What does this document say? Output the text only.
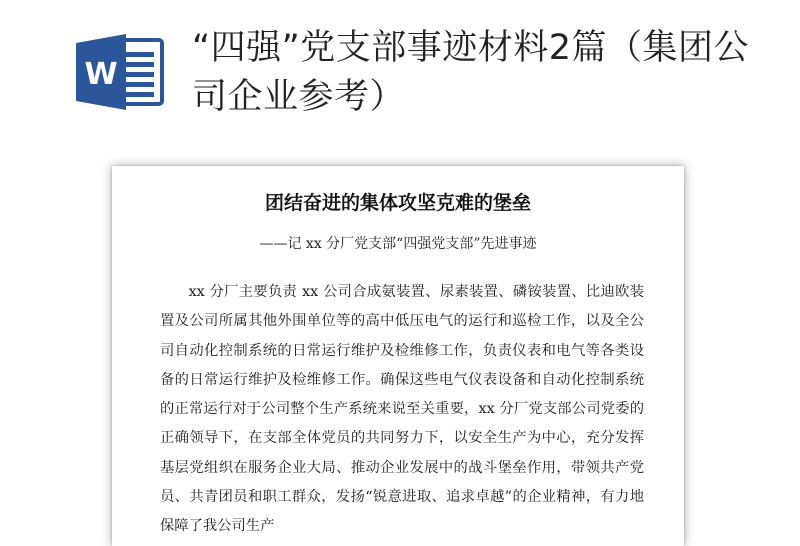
W
“四强”党支部事迹材料2篇（集团公司企业参考）
团结奋进的集体攻坚克难的堡垒

——记 xx 分厂党支部“四强党支部”先进事迹

xx 分厂主要负责 xx 公司合成氨装置、尿素装置、磷铵装置、比迪欧装置及公司所属其他外围单位等的高中低压电气的运行和巡检工作，以及全公司自动化控制系统的日常运行维护及检维修工作，负责仪表和电气等各类设备的日常运行维护及检维修工作。确保这些电气仪表设备和自动化控制系统的正常运行对于公司整个生产系统来说至关重要，xx 分厂党支部公司党委的正确领导下，在支部全体党员的共同努力下，以安全生产为中心，充分发挥基层党组织在服务企业大局、推动企业发展中的战斗堡垒作用，带领共产党员、共青团员和职工群众，发扬“锐意进取、追求卓越”的企业精神，有力地保障了我公司生产
